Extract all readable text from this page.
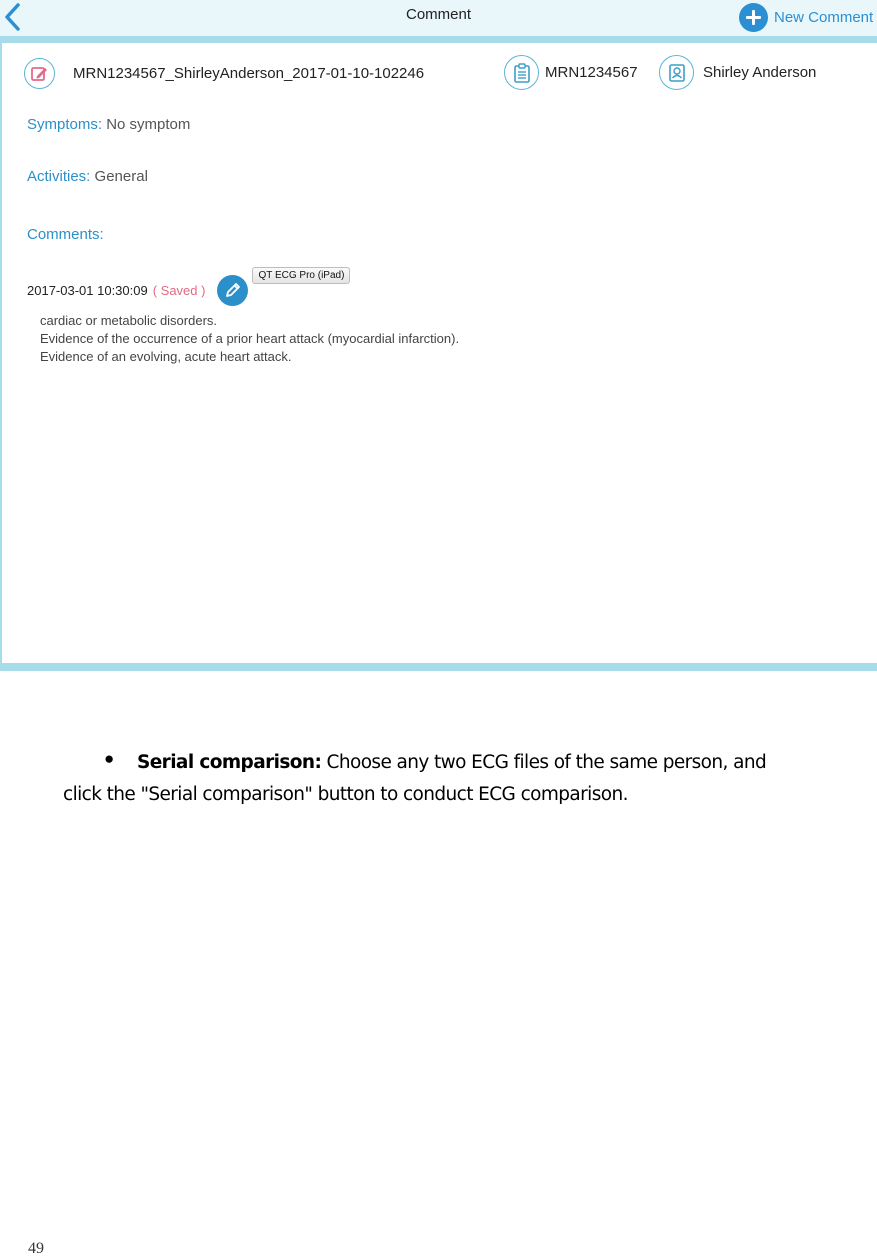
Comment	New Comment
MRN1234567_ShirleyAnderson_2017-01-10-102246	MRN1234567	Shirley Anderson
Symptoms: No symptom
Activities: General
Comments:
2017-03-01 10:30:09 ( Saved )
QT ECG Pro (iPad)
cardiac or metabolic disorders.
Evidence of the occurrence of a prior heart attack (myocardial infarction).
Evidence of an evolving, acute heart attack.
●	Serial comparison: Choose any two ECG files of the same person, and
click the "Serial comparison" button to conduct ECG comparison.
49
